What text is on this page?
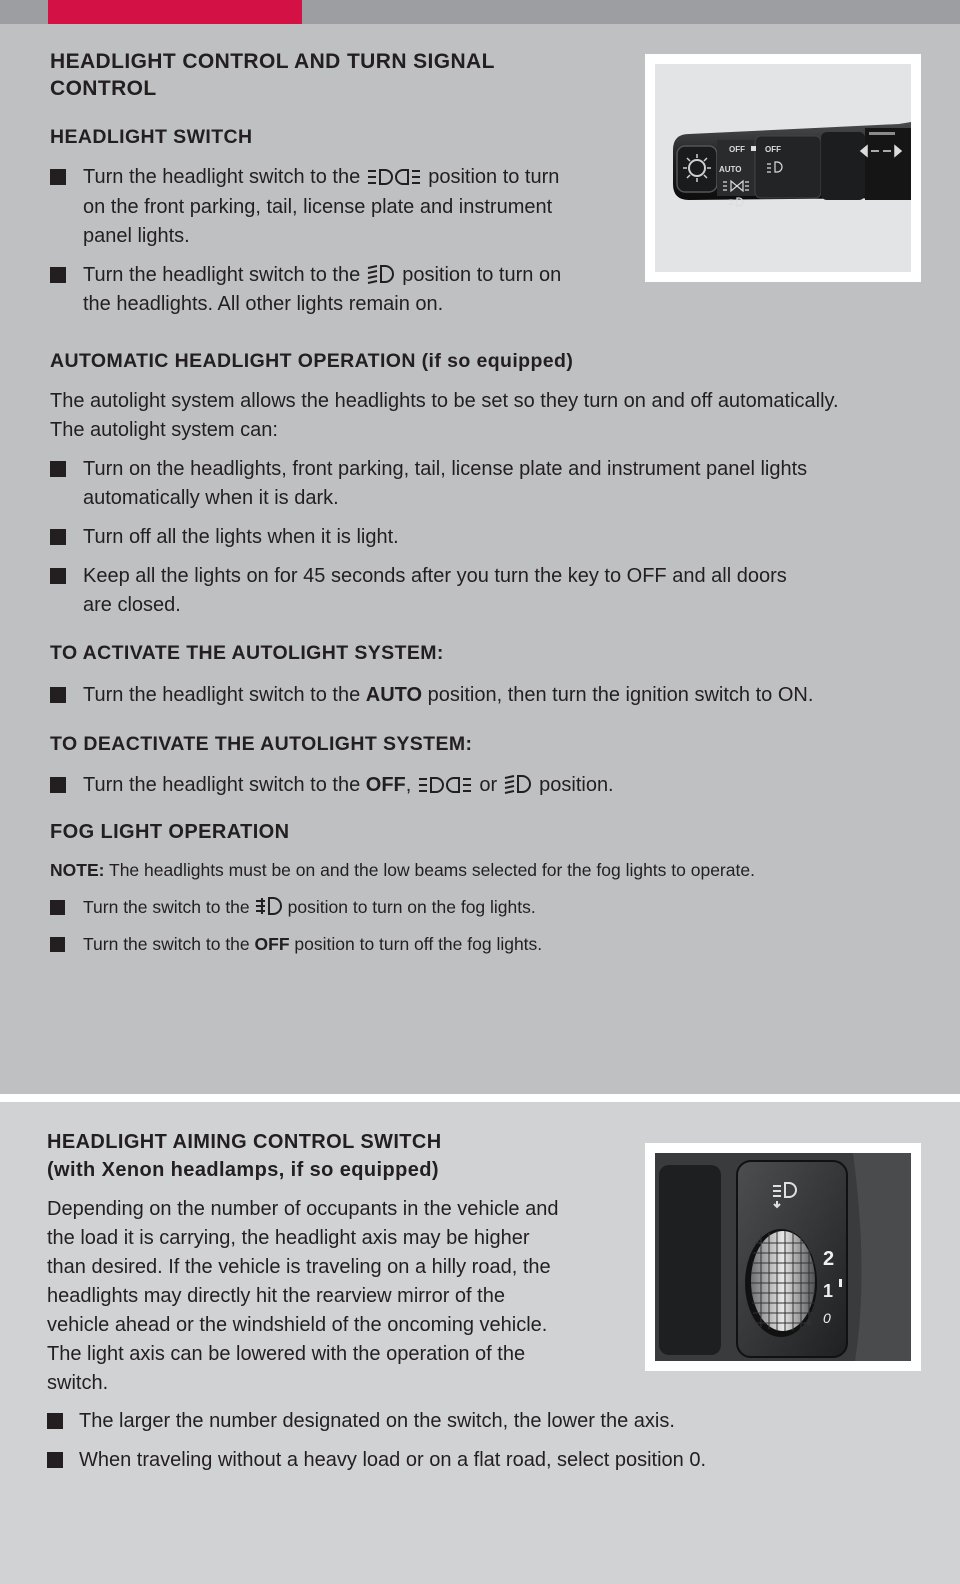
HEADLIGHT CONTROL AND TURN SIGNAL
CONTROL
HEADLIGHT SWITCH
Turn the headlight switch to the	position to turn
on the front parking, tail, license plate and instrument
panel lights.
Turn the headlight switch to the position to turn on
the headlights. All other lights remain on.
OFF	OFF
AUTO
AUTOMATIC HEADLIGHT OPERATION (if so equipped)
The autolight system allows the headlights to be set so they turn on and off automatically.
The autolight system can:
Turn on the headlights, front parking, tail, license plate and instrument panel lights
automatically when it is dark.
Turn off all the lights when it is light.
Keep all the lights on for 45 seconds after you turn the key to OFF and all doors
are closed.
TO ACTIVATE THE AUTOLIGHT SYSTEM:
Turn the headlight switch to the AUTO position, then turn the ignition switch to ON.
TO DEACTIVATE THE AUTOLIGHT SYSTEM:
Turn the headlight switch to the OFF,	or position.
FOG LIGHT OPERATION
NOTE: The headlights must be on and the low beams selected for the fog lights to operate.
Turn the switch to the position to turn on the fog lights.
Turn the switch to the OFF position to turn off the fog lights.
HEADLIGHT AIMING CONTROL SWITCH
(with Xenon headlamps, if so equipped)
Depending on the number of occupants in the vehicle and
the load it is carrying, the headlight axis may be higher
than desired. If the vehicle is traveling on a hilly road, the
headlights may directly hit the rearview mirror of the
vehicle ahead or the windshield of the oncoming vehicle.
The light axis can be lowered with the operation of the
switch.
The larger the number designated on the switch, the lower the axis.
When traveling without a heavy load or on a flat road, select position 0.
2
1
0
